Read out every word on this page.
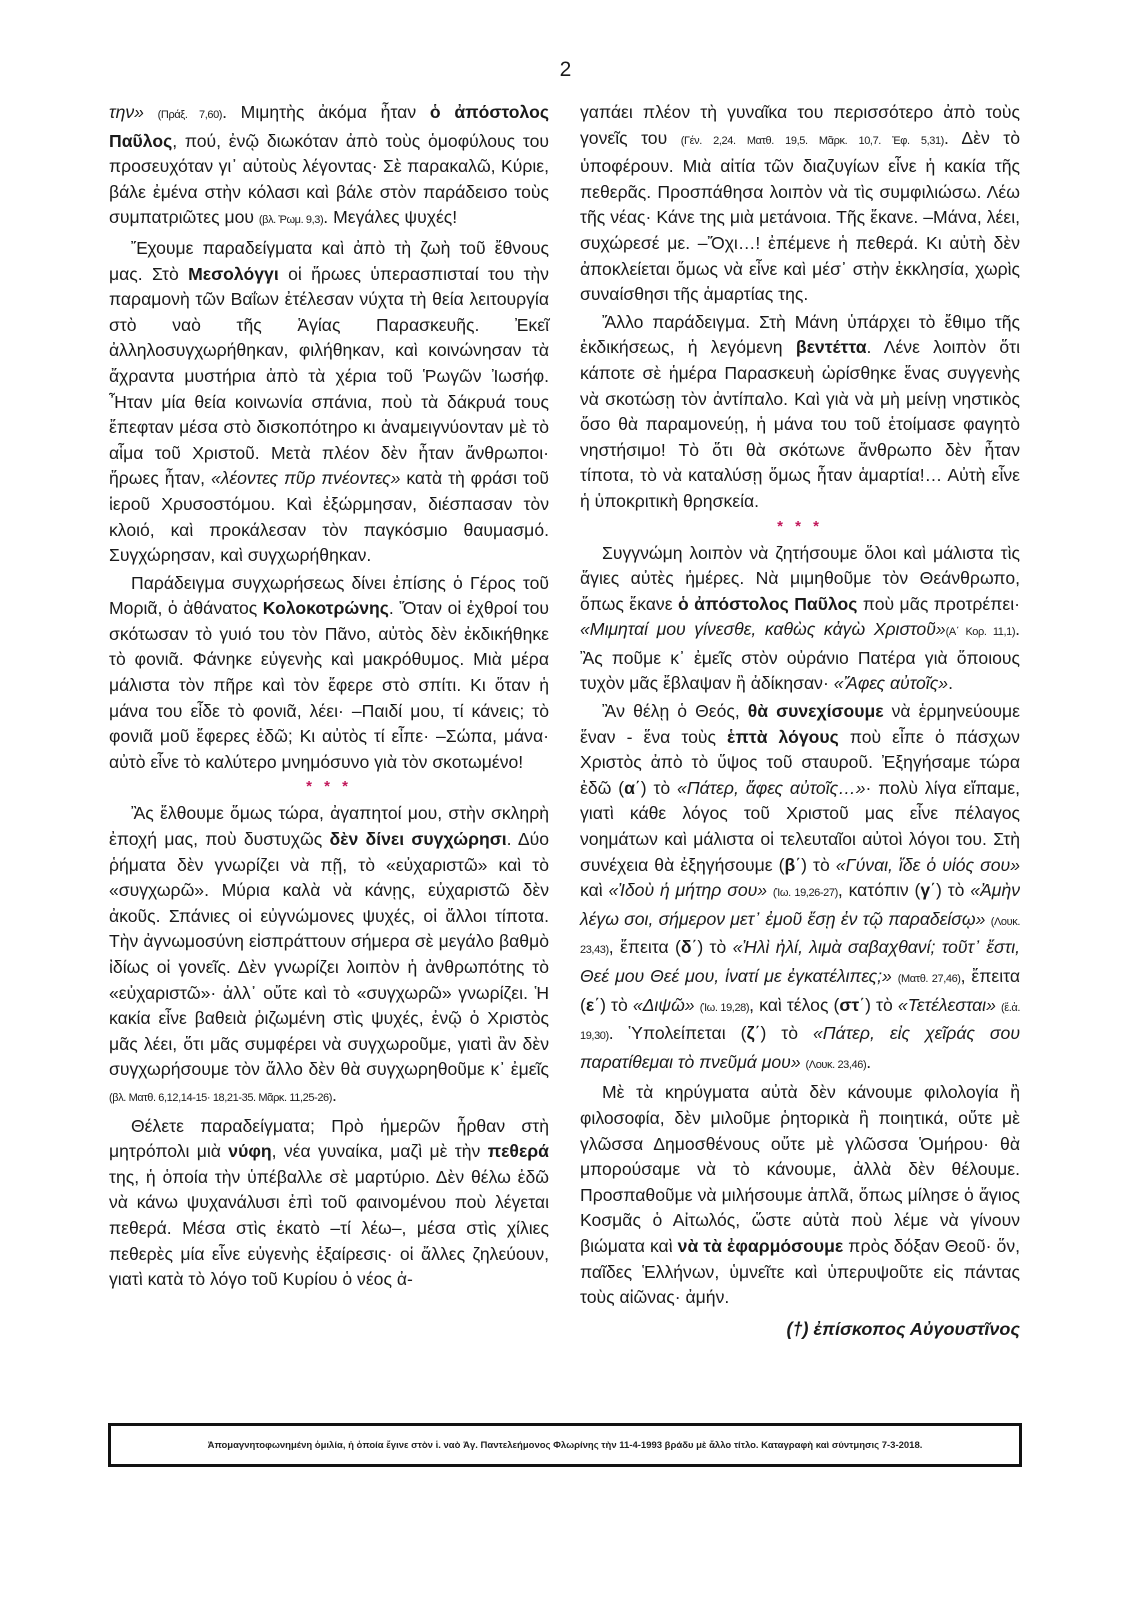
2

την» (Πράξ. 7,60). Μιμητὴς ἀκόμα ἦταν ὁ ἀπόστολος Παῦλος, πού, ἐνῷ διωκόταν ἀπὸ τοὺς ὁμοφύλους του προσευχόταν γι᾽ αὐτοὺς λέγοντας· Σὲ παρακαλῶ, Κύριε, βάλε ἐμένα στὴν κόλασι καὶ βάλε στὸν παράδεισο τοὺς συμπατριῶτες μου (βλ. Ῥωμ. 9,3). Μεγάλες ψυχές!

Ἔχουμε παραδείγματα καὶ ἀπὸ τὴ ζωὴ τοῦ ἔθνους μας. Στὸ Μεσολόγγι οἱ ἥρωες ὑπερασπισταί του τὴν παραμονὴ τῶν Βαΐων ἐτέλεσαν νύχτα τὴ θεία λειτουργία στὸ ναὸ τῆς Ἁγίας Παρασκευῆς. Ἐκεῖ ἀλληλοσυγχωρήθηκαν, φιλήθηκαν, καὶ κοινώνησαν τὰ ἄχραντα μυστήρια ἀπὸ τὰ χέρια τοῦ Ῥωγῶν Ἰωσήφ. Ἦταν μία θεία κοινωνία σπάνια, ποὺ τὰ δάκρυά τους ἔπεφταν μέσα στὸ δισκοπότηρο κι ἀναμειγνύονταν μὲ τὸ αἷμα τοῦ Χριστοῦ. Μετὰ πλέον δὲν ἦταν ἄνθρωποι· ἥρωες ἦταν, «λέοντες πῦρ πνέοντες» κατὰ τὴ φράσι τοῦ ἱεροῦ Χρυσοστόμου. Καὶ ἐξώρμησαν, διέσπασαν τὸν κλοιό, καὶ προκάλεσαν τὸν παγκόσμιο θαυμασμό. Συγχώρησαν, καὶ συγχωρήθηκαν.

Παράδειγμα συγχωρήσεως δίνει ἐπίσης ὁ Γέρος τοῦ Μοριᾶ, ὁ ἀθάνατος Κολοκοτρώνης. Ὅταν οἱ ἐχθροί του σκότωσαν τὸ γυιό του τὸν Πᾶνο, αὐτὸς δὲν ἐκδικήθηκε τὸ φονιᾶ. Φάνηκε εὐγενὴς καὶ μακρόθυμος. Μιὰ μέρα μάλιστα τὸν πῆρε καὶ τὸν ἔφερε στὸ σπίτι. Κι ὅταν ἡ μάνα του εἶδε τὸ φονιᾶ, λέει· –Παιδί μου, τί κάνεις; τὸ φονιᾶ μοῦ ἔφερες ἐδῶ; Κι αὐτὸς τί εἶπε· –Σώπα, μάνα· αὐτὸ εἶνε τὸ καλύτερο μνημόσυνο γιὰ τὸν σκοτωμένο!

* * *

Ἂς ἔλθουμε ὅμως τώρα, ἀγαπητοί μου, στὴν σκληρὴ ἐποχή μας, ποὺ δυστυχῶς δὲν δίνει συγχώρησι. Δύο ῥήματα δὲν γνωρίζει νὰ πῇ, τὸ «εὐχαριστῶ» καὶ τὸ «συγχωρῶ». Μύρια καλὰ νὰ κάνῃς, εὐχαριστῶ δὲν ἀκοῦς. Σπάνιες οἱ εὐγνώμονες ψυχές, οἱ ἄλλοι τίποτα. Τὴν ἀγνωμοσύνη εἰσπράττουν σήμερα σὲ μεγάλο βαθμὸ ἰδίως οἱ γονεῖς. Δὲν γνωρίζει λοιπὸν ἡ ἀνθρωπότης τὸ «εὐχαριστῶ»· ἀλλ᾽ οὔτε καὶ τὸ «συγχωρῶ» γνωρίζει. Ἡ κακία εἶνε βαθειὰ ῥιζωμένη στὶς ψυχές, ἐνῷ ὁ Χριστὸς μᾶς λέει, ὅτι μᾶς συμφέρει νὰ συγχωροῦμε, γιατὶ ἂν δὲν συγχωρήσουμε τὸν ἄλλο δὲν θὰ συγχωρηθοῦμε κ᾽ ἐμεῖς (βλ. Ματθ. 6,12,14-15· 18,21-35. Μᾶρκ. 11,25-26).

Θέλετε παραδείγματα; Πρὸ ἡμερῶν ἦρθαν στὴ μητρόπολι μιὰ νύφη, νέα γυναίκα, μαζὶ μὲ τὴν πεθερά της, ἡ ὁποία τὴν ὑπέβαλλε σὲ μαρτύριο. Δὲν θέλω ἐδῶ νὰ κάνω ψυχανάλυσι ἐπὶ τοῦ φαινομένου ποὺ λέγεται πεθερά. Μέσα στὶς ἑκατὸ –τί λέω–, μέσα στὶς χίλιες πεθερὲς μία εἶνε εὐγενὴς ἐξαίρεσις· οἱ ἄλλες ζηλεύουν, γιατὶ κατὰ τὸ λόγο τοῦ Κυρίου ὁ νέος ἀ-

γαπάει πλέον τὴ γυναῖκα του περισσότερο ἀπὸ τοὺς γονεῖς του (Γέν. 2,24. Ματθ. 19,5. Μᾶρκ. 10,7. Ἐφ. 5,31). Δὲν τὸ ὑποφέρουν. Μιὰ αἰτία τῶν διαζυγίων εἶνε ἡ κακία τῆς πεθερᾶς. Προσπάθησα λοιπὸν νὰ τὶς συμφιλιώσω. Λέω τῆς νέας· Κάνε της μιὰ μετάνοια. Τῆς ἔκανε. –Μάνα, λέει, συχώρεσέ με. –Ὄχι…! ἐπέμενε ἡ πεθερά. Κι αὐτὴ δὲν ἀποκλείεται ὅμως νὰ εἶνε καὶ μέσ᾽ στὴν ἐκκλησία, χωρὶς συναίσθησι τῆς ἁμαρτίας της.

Ἄλλο παράδειγμα. Στὴ Μάνη ὑπάρχει τὸ ἔθιμο τῆς ἐκδικήσεως, ἡ λεγόμενη βεντέττα. Λένε λοιπὸν ὅτι κάποτε σὲ ἡμέρα Παρασκευὴ ὡρίσθηκε ἕνας συγγενὴς νὰ σκοτώσῃ τὸν ἀντίπαλο. Καὶ γιὰ νὰ μὴ μείνῃ νηστικὸς ὅσο θὰ παραμονεύῃ, ἡ μάνα του τοῦ ἑτοίμασε φαγητὸ νηστήσιμο! Τὸ ὅτι θὰ σκότωνε ἄνθρωπο δὲν ἦταν τίποτα, τὸ νὰ καταλύσῃ ὅμως ἦταν ἁμαρτία!… Αὐτὴ εἶνε ἡ ὑποκριτικὴ θρησκεία.

* * *

Συγγνώμη λοιπὸν νὰ ζητήσουμε ὅλοι καὶ μάλιστα τὶς ἅγιες αὐτὲς ἡμέρες. Νὰ μιμηθοῦμε τὸν Θεάνθρωπο, ὅπως ἔκανε ὁ ἀπόστολος Παῦλος ποὺ μᾶς προτρέπει· «Μιμηταί μου γίνεσθε, καθὼς κἀγὼ Χριστοῦ»(Α΄ Κορ. 11,1). Ἂς ποῦμε κ᾽ ἐμεῖς στὸν οὐράνιο Πατέρα γιὰ ὅποιους τυχὸν μᾶς ἔβλαψαν ἢ ἀδίκησαν· «Ἄφες αὐτοῖς».

Ἂν θέλῃ ὁ Θεός, θὰ συνεχίσουμε νὰ ἑρμηνεύουμε ἕναν - ἕνα τοὺς ἑπτὰ λόγους ποὺ εἶπε ὁ πάσχων Χριστὸς ἀπὸ τὸ ὕψος τοῦ σταυροῦ. Ἐξηγήσαμε τώρα ἐδῶ (α΄) τὸ «Πάτερ, ἄφες αὐτοῖς…»· πολὺ λίγα εἴπαμε, γιατὶ κάθε λόγος τοῦ Χριστοῦ μας εἶνε πέλαγος νοημάτων καὶ μάλιστα οἱ τελευταῖοι αὐτοὶ λόγοι του. Στὴ συνέχεια θὰ ἐξηγήσουμε (β΄) τὸ «Γύναι, ἴδε ὁ υἱός σου» καὶ «Ἰδοὺ ἡ μήτηρ σου» (Ἰω. 19,26-27), κατόπιν (γ΄) τὸ «Ἀμὴν λέγω σοι, σήμερον μετ᾽ ἐμοῦ ἔσῃ ἐν τῷ παραδείσῳ» (Λουκ. 23,43), ἔπειτα (δ΄) τὸ «Ἠλὶ ἠλί, λιμὰ σαβαχθανί; τοῦτ᾽ ἔστι, Θεέ μου Θεέ μου, ἱνατί με ἐγκατέλιπες;» (Ματθ. 27,46), ἔπειτα (ε΄) τὸ «Διψῶ» (Ἰω. 19,28), καὶ τέλος (στ΄) τὸ «Τετέλεσται» (ἔ.ἀ. 19,30). Ὑπολείπεται (ζ΄) τὸ «Πάτερ, εἰς χεῖράς σου παρατίθεμαι τὸ πνεῦμά μου» (Λουκ. 23,46).

Μὲ τὰ κηρύγματα αὐτὰ δὲν κάνουμε φιλολογία ἢ φιλοσοφία, δὲν μιλοῦμε ῥητορικὰ ἢ ποιητικά, οὔτε μὲ γλῶσσα Δημοσθένους οὔτε μὲ γλῶσσα Ὁμήρου· θὰ μπορούσαμε νὰ τὸ κάνουμε, ἀλλὰ δὲν θέλουμε. Προσπαθοῦμε νὰ μιλήσουμε ἁπλᾶ, ὅπως μίλησε ὁ ἅγιος Κοσμᾶς ὁ Αἰτωλός, ὥστε αὐτὰ ποὺ λέμε νὰ γίνουν βιώματα καὶ νὰ τὰ ἐφαρμόσουμε πρὸς δόξαν Θεοῦ· ὅν, παῖδες Ἑλλήνων, ὑμνεῖτε καὶ ὑπερυψοῦτε εἰς πάντας τοὺς αἰῶνας· ἀμήν.

(†) ἐπίσκοπος Αὐγουστῖνος
Ἀπομαγνητοφωνημένη ὁμιλία, ἡ ὁποία ἔγινε στὸν ἱ. ναὸ Ἁγ. Παντελεήμονος Φλωρίνης τὴν 11-4-1993 βράδυ μὲ ἄλλο τίτλο. Καταγραφὴ καὶ σύντμησις 7-3-2018.
